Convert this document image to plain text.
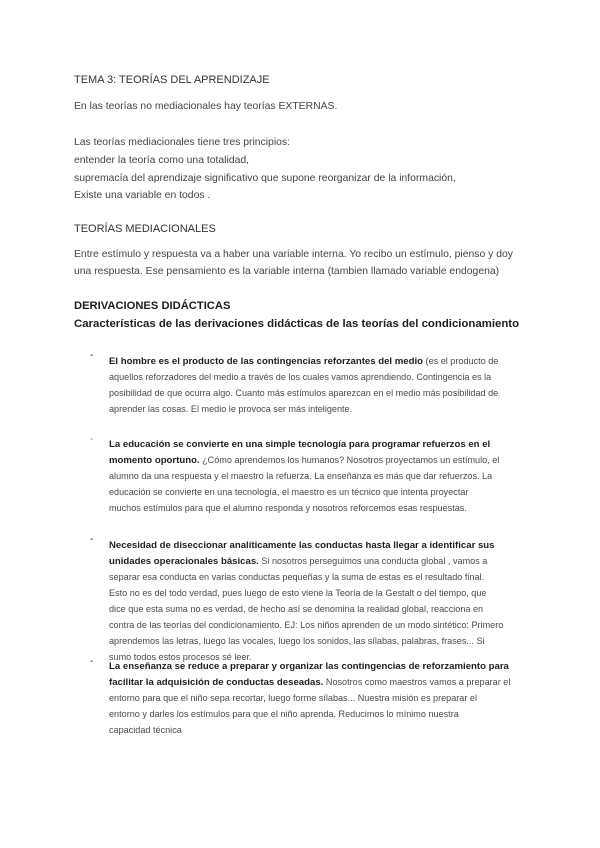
TEMA 3: TEORÍAS DEL APRENDIZAJE
En las teorías no mediacionales hay teorías EXTERNAS.
Las teorías mediacionales tiene tres principios:
entender la teoría como una totalidad,
supremacía del aprendizaje significativo que supone reorganizar de la información,
Existe una variable en todos .
TEORÍAS MEDIACIONALES
Entre estímulo y respuesta va a haber una variable interna. Yo recibo un estímulo, pienso y doy
una respuesta. Ese pensamiento es la variable interna (tambien llamado variable endogena)
DERIVACIONES DIDÁCTICAS
Características de las derivaciones didácticas de las teorías del condicionamiento
-
El hombre es el producto de las contingencias reforzantes del medio (es el producto de
aquellos reforzadores del medio a través de los cuales vamos aprendiendo. Contingencia es la
posibilidad de que ocurra algo. Cuanto más estímulos aparezcan en el medio más posibilidad de
aprender las cosas. El medio le provoca ser más inteligente.
- La educación se convierte en una simple tecnología para programar refuerzos en el
momento oportuno. ¿Cómo aprendemos los humanos? Nosotros proyectamos un estímulo, el
alumno da una respuesta y el maestro la refuerza. La enseñanza es más que dar refuerzos. La
educación se convierte en una tecnología, el maestro es un técnico que intenta proyectar
muchos estímulos para que el alumno responda y nosotros reforcemos esas respuestas.
-
Necesidad de diseccionar analíticamente las conductas hasta llegar a identificar sus
unidades operacionales básicas. Si nosotros perseguimos una conducta global , vamos a
separar esa conducta en varias conductas pequeñas y la suma de estas es el resultado final.
Esto no es del todo verdad, pues luego de esto viene la Teoría de la Gestalt o del tiempo, que
dice que esta suma no es verdad, de hecho así se denomina la realidad global, reacciona en
contra de las teorías del condicionamiento. EJ: Los niños aprenden de un modo sintético: Primero
aprendemos las letras, luego las vocales, luego los sonidos, las sílabas, palabras, frases... Si
sumo todos estos procesos sé leer.
- La enseñanza se reduce a preparar y organizar las contingencias de reforzamiento para
facilitar la adquisición de conductas deseadas. Nosotros como maestros vamos a preparar el
entorno para que el niño sepa recortar, luego forme sílabas... Nuestra misión es preparar el
entorno y darles los estímulos para que el niño aprenda. Reducimos lo mínimo nuestra
capacidad técnica
